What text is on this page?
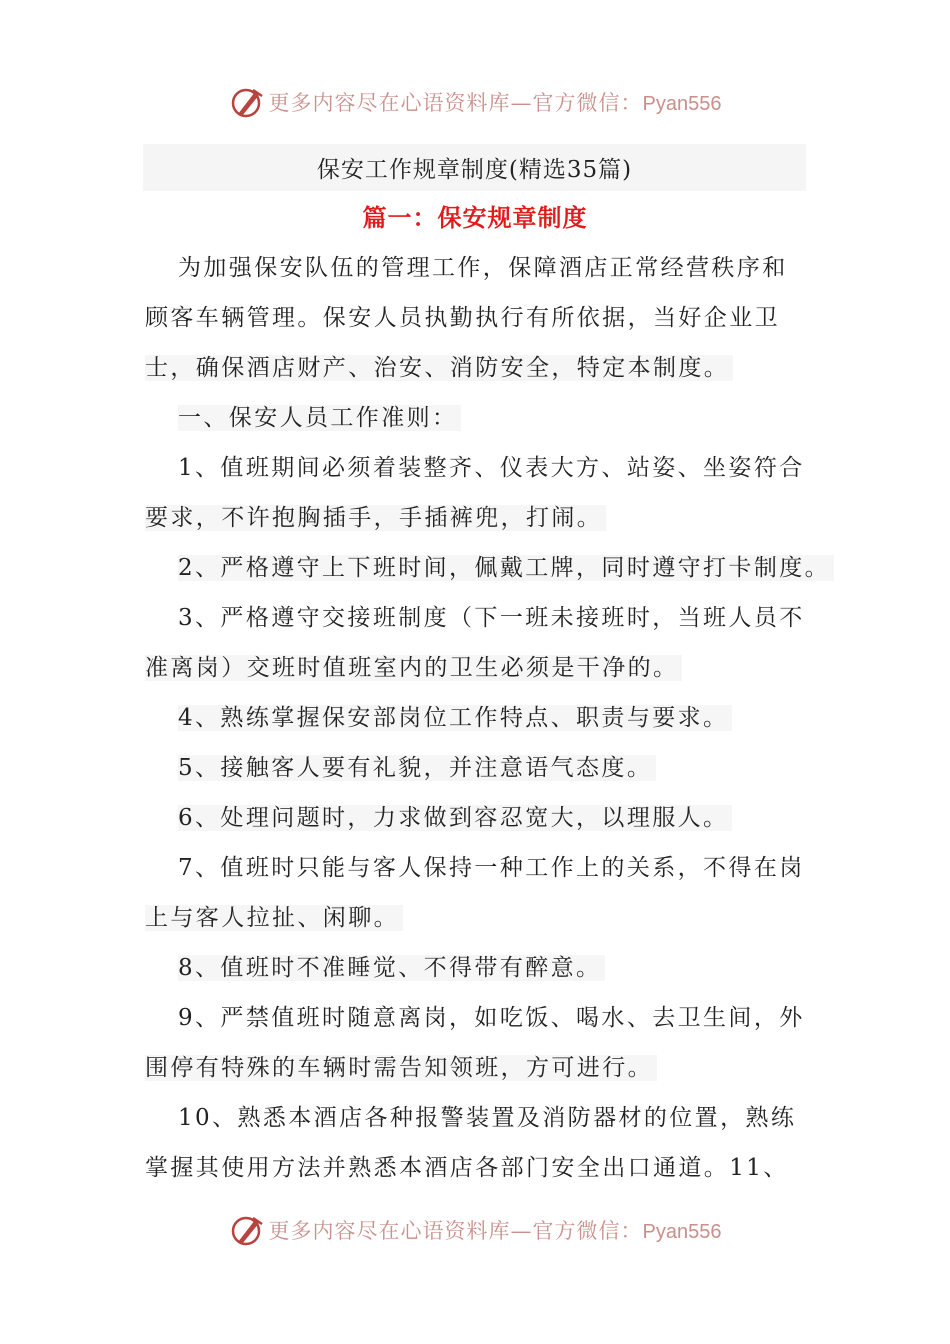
更多内容尽在心语资料库—官方微信：Pyan556
保安工作规章制度(精选35篇)
篇一：保安规章制度
为加强保安队伍的管理工作，保障酒店正常经营秩序和
顾客车辆管理。保安人员执勤执行有所依据，当好企业卫
士，确保酒店财产、治安、消防安全，特定本制度。
一、保安人员工作准则：
1、值班期间必须着装整齐、仪表大方、站姿、坐姿符合
要求，不许抱胸插手，手插裤兜，打闹。
2、严格遵守上下班时间，佩戴工牌，同时遵守打卡制度。
3、严格遵守交接班制度（下一班未接班时，当班人员不
准离岗）交班时值班室内的卫生必须是干净的。
4、熟练掌握保安部岗位工作特点、职责与要求。
5、接触客人要有礼貌，并注意语气态度。
6、处理问题时，力求做到容忍宽大，以理服人。
7、值班时只能与客人保持一种工作上的关系，不得在岗
上与客人拉扯、闲聊。
8、值班时不准睡觉、不得带有醉意。
9、严禁值班时随意离岗，如吃饭、喝水、去卫生间，外
围停有特殊的车辆时需告知领班，方可进行。
10、熟悉本酒店各种报警装置及消防器材的位置，熟练
掌握其使用方法并熟悉本酒店各部门安全出口通道。11、
更多内容尽在心语资料库—官方微信：Pyan556
